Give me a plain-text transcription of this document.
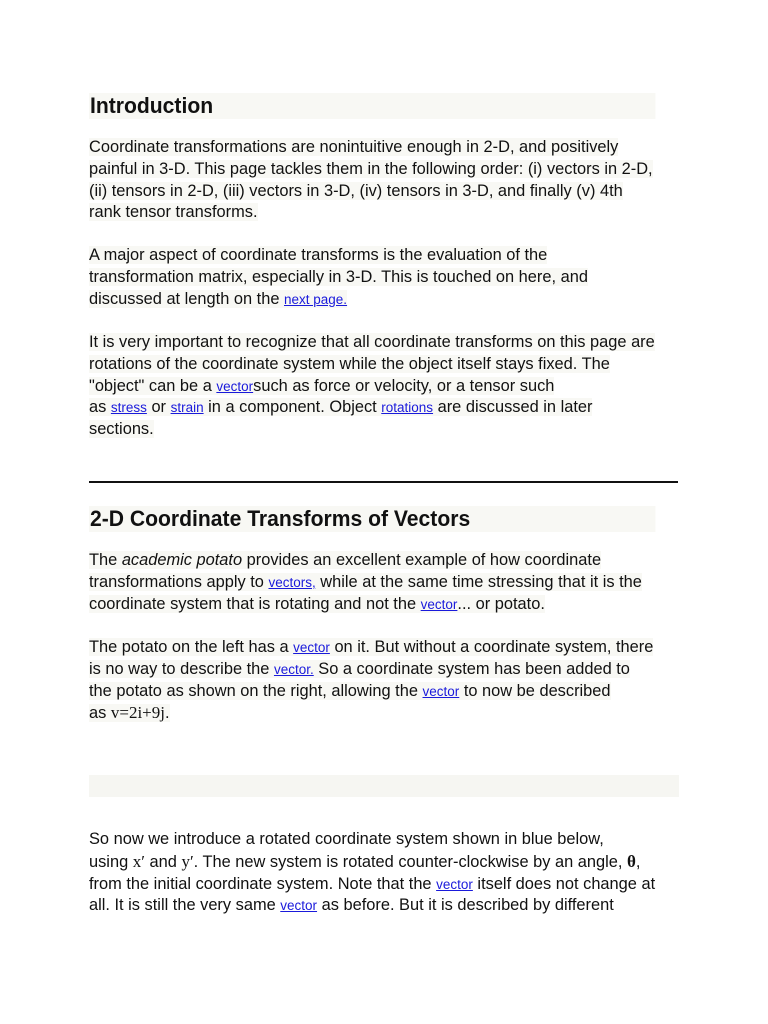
Introduction
Coordinate transformations are nonintuitive enough in 2-D, and positively
painful in 3-D. This page tackles them in the following order: (i) vectors in 2-D,
(ii) tensors in 2-D, (iii) vectors in 3-D, (iv) tensors in 3-D, and finally (v) 4th
rank tensor transforms.
A major aspect of coordinate transforms is the evaluation of the
transformation matrix, especially in 3-D. This is touched on here, and
discussed at length on the next page.
It is very important to recognize that all coordinate transforms on this page are
rotations of the coordinate system while the object itself stays fixed. The
"object" can be a vectorsuch as force or velocity, or a tensor such
as stress or strain in a component. Object rotations are discussed in later
sections.
2-D Coordinate Transforms of Vectors
The academic potato provides an excellent example of how coordinate
transformations apply to vectors, while at the same time stressing that it is the
coordinate system that is rotating and not the vector... or potato.
The potato on the left has a vector on it. But without a coordinate system, there
is no way to describe the vector. So a coordinate system has been added to
the potato as shown on the right, allowing the vector to now be described
as v=2i+9j.
So now we introduce a rotated coordinate system shown in blue below,
using x′ and y′. The new system is rotated counter-clockwise by an angle, θ,
from the initial coordinate system. Note that the vector itself does not change at
all. It is still the very same vector as before. But it is described by different
